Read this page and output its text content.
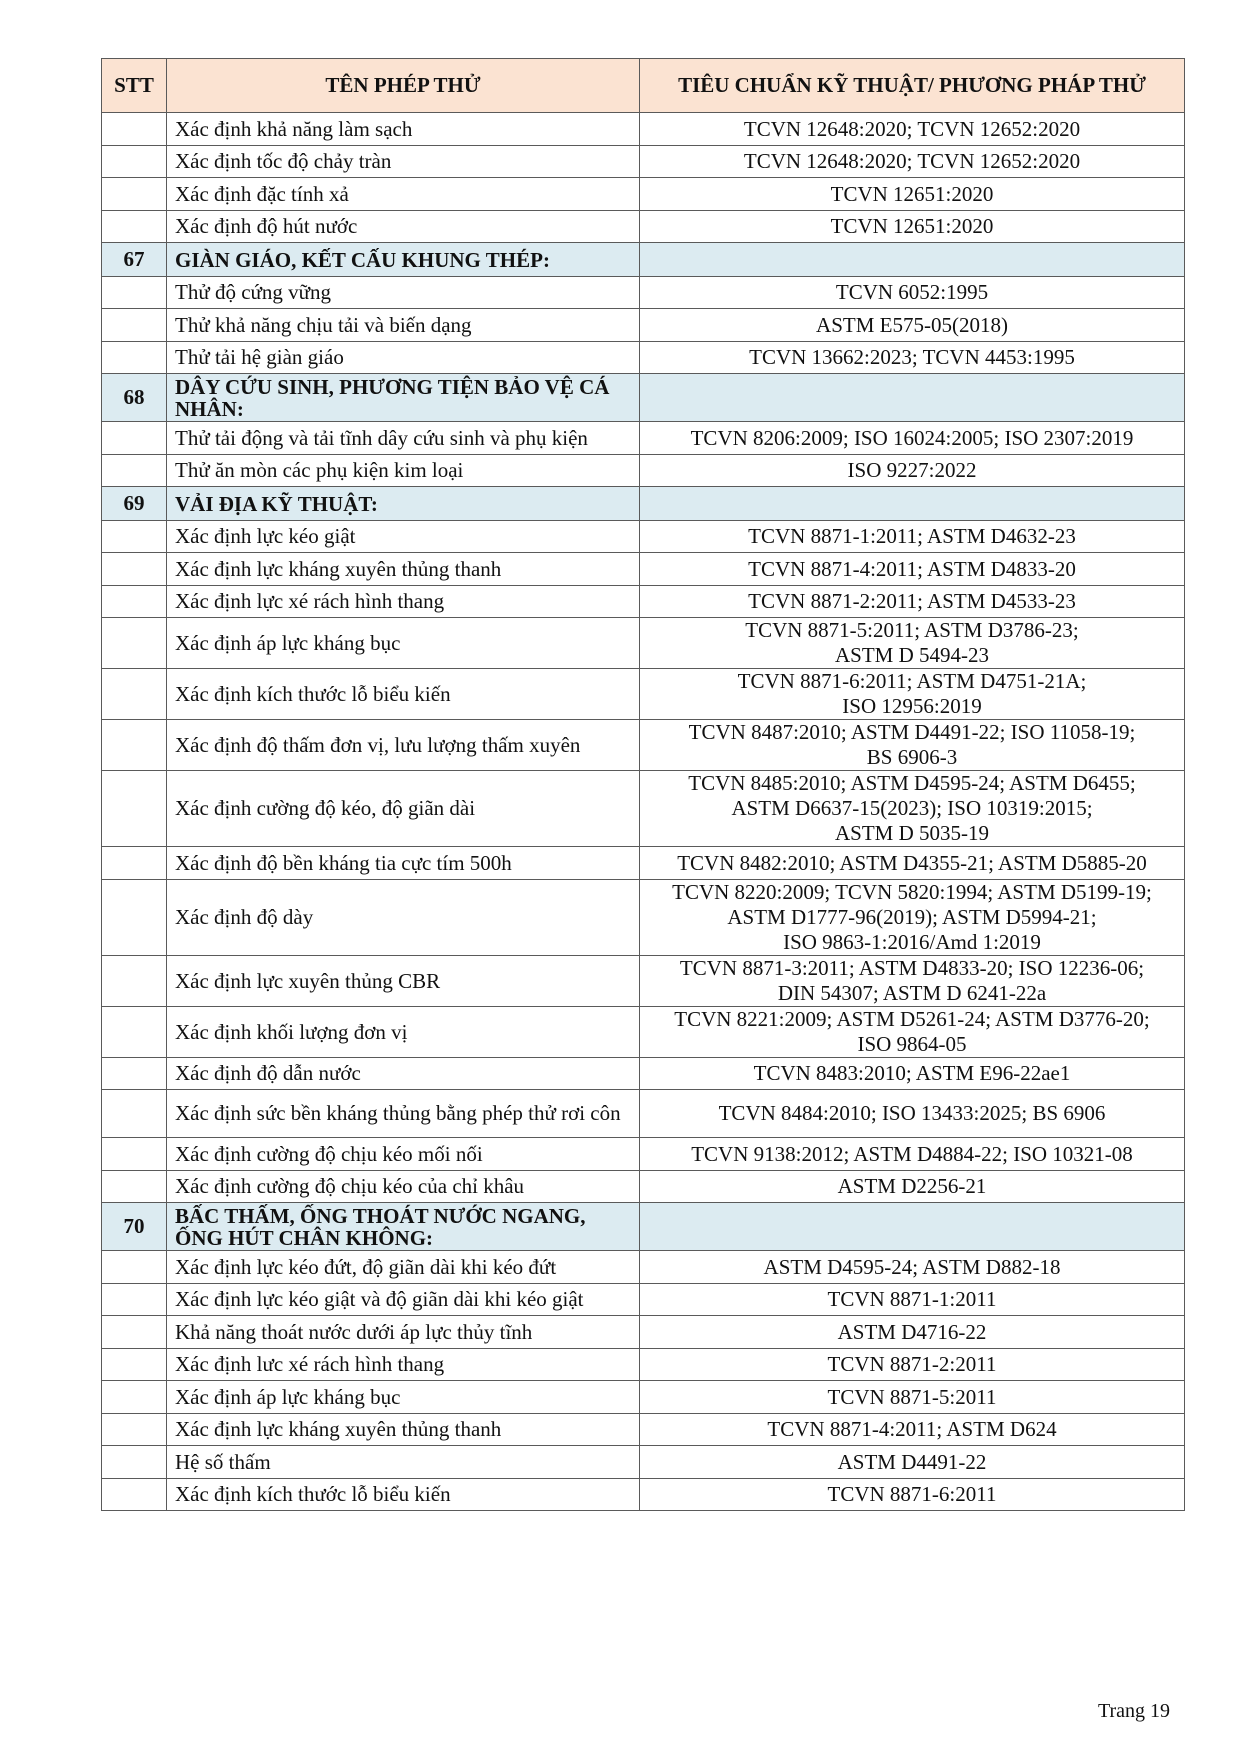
STT	TÊN PHÉP THỬ	TIÊU CHUẨN KỸ THUẬT/ PHƯƠNG PHÁP THỬ
	Xác định khả năng làm sạch	TCVN 12648:2020; TCVN 12652:2020
	Xác định tốc độ chảy tràn	TCVN 12648:2020; TCVN 12652:2020
	Xác định đặc tính xả	TCVN 12651:2020
	Xác định độ hút nước	TCVN 12651:2020
67	GIÀN GIÁO, KẾT CẤU KHUNG THÉP:	
	Thử độ cứng vững	TCVN 6052:1995
	Thử khả năng chịu tải và biến dạng	ASTM E575-05(2018)
	Thử tải hệ giàn giáo	TCVN 13662:2023; TCVN 4453:1995
68	DÂY CỨU SINH, PHƯƠNG TIỆN BẢO VỆ CÁ NHÂN:	
	Thử tải động và tải tĩnh dây cứu sinh và phụ kiện	TCVN 8206:2009; ISO 16024:2005; ISO 2307:2019
	Thử ăn mòn các phụ kiện kim loại	ISO 9227:2022
69	VẢI ĐỊA KỸ THUẬT:	
	Xác định lực kéo giật	TCVN 8871-1:2011; ASTM D4632-23
	Xác định lực kháng xuyên thủng thanh	TCVN 8871-4:2011; ASTM D4833-20
	Xác định lực xé rách hình thang	TCVN 8871-2:2011; ASTM D4533-23
	Xác định áp lực kháng bục	TCVN 8871-5:2011; ASTM D3786-23;
ASTM D 5494-23
	Xác định kích thước lỗ biểu kiến	TCVN 8871-6:2011; ASTM D4751-21A;
ISO 12956:2019
	Xác định độ thấm đơn vị, lưu lượng thấm xuyên	TCVN 8487:2010; ASTM D4491-22; ISO 11058-19;
BS 6906-3
	Xác định cường độ kéo, độ giãn dài	TCVN 8485:2010; ASTM D4595-24; ASTM D6455;
ASTM D6637-15(2023); ISO 10319:2015;
ASTM D 5035-19
	Xác định độ bền kháng tia cực tím 500h	TCVN 8482:2010; ASTM D4355-21; ASTM D5885-20
	Xác định độ dày	TCVN 8220:2009; TCVN 5820:1994; ASTM D5199-19;
ASTM D1777-96(2019); ASTM D5994-21;
ISO 9863-1:2016/Amd 1:2019
	Xác định lực xuyên thủng CBR	TCVN 8871-3:2011; ASTM D4833-20; ISO 12236-06;
DIN 54307; ASTM D 6241-22a
	Xác định khối lượng đơn vị	TCVN 8221:2009; ASTM D5261-24; ASTM D3776-20;
ISO 9864-05
	Xác định độ dẫn nước	TCVN 8483:2010; ASTM E96-22ae1
	Xác định sức bền kháng thủng bằng phép thử rơi côn	TCVN 8484:2010; ISO 13433:2025; BS 6906
	Xác định cường độ chịu kéo mối nối	TCVN 9138:2012; ASTM D4884-22; ISO 10321-08
	Xác định cường độ chịu kéo của chỉ khâu	ASTM D2256-21
70	BẤC THẤM, ỐNG THOÁT NƯỚC NGANG, ỐNG HÚT CHÂN KHÔNG:	
	Xác định lực kéo đứt, độ giãn dài khi kéo đứt	ASTM D4595-24; ASTM D882-18
	Xác định lực kéo giật và độ giãn dài khi kéo giật	TCVN 8871-1:2011
	Khả năng thoát nước dưới áp lực thủy tĩnh	ASTM D4716-22
	Xác định lưc xé rách hình thang	TCVN 8871-2:2011
	Xác định áp lực kháng bục	TCVN 8871-5:2011
	Xác định lực kháng xuyên thủng thanh	TCVN 8871-4:2011; ASTM D624
	Hệ số thấm	ASTM D4491-22
	Xác định kích thước lỗ biểu kiến	TCVN 8871-6:2011
Trang 19
